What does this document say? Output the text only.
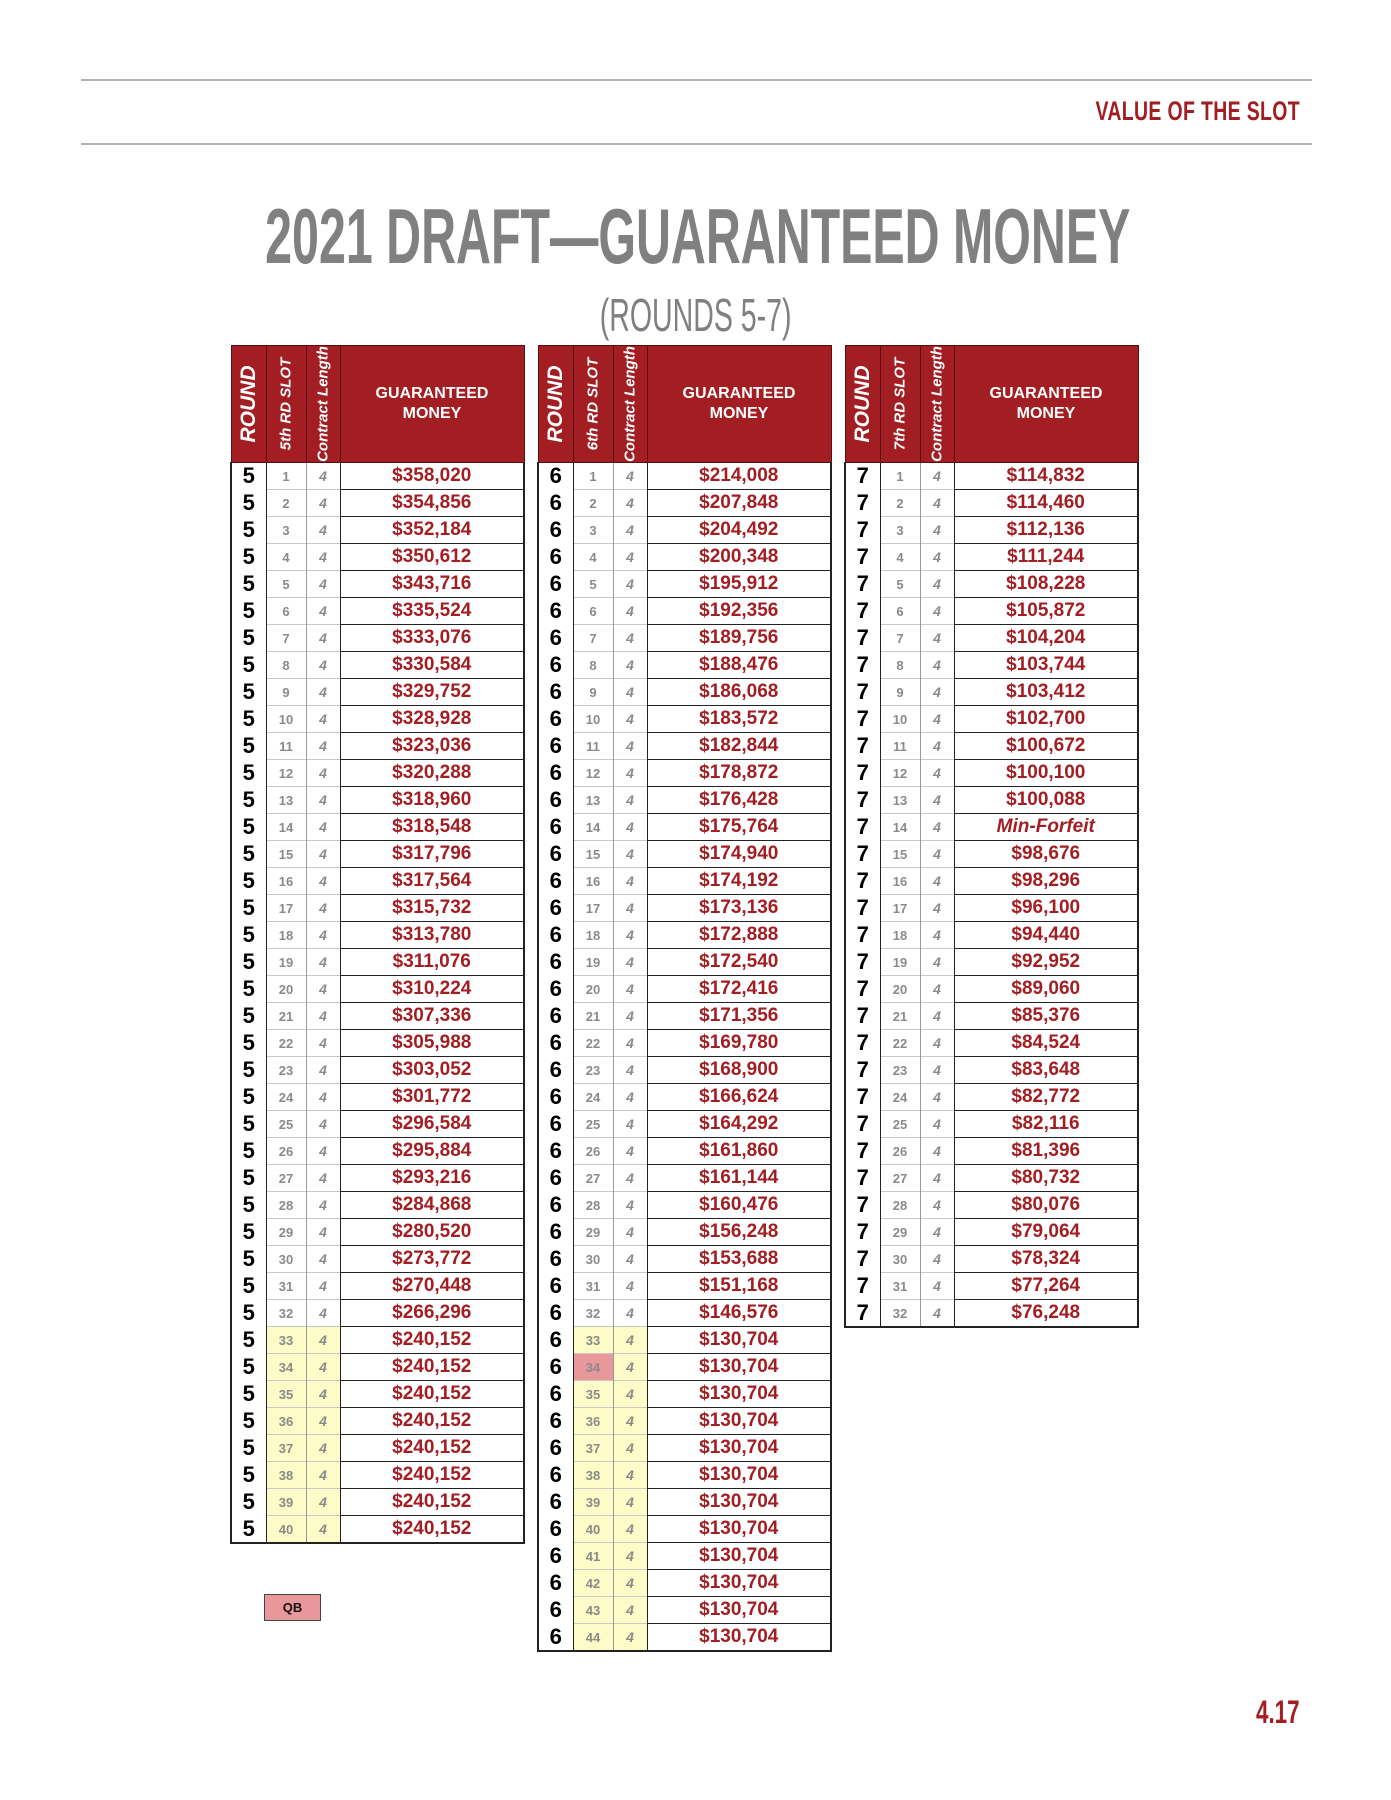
VALUE OF THE SLOT
2021 DRAFT—GUARANTEED MONEY
(ROUNDS 5-7)
ROUND	5th RD SLOT	Contract Length	GUARANTEED
MONEY
5	1	4	$358,020
5	2	4	$354,856
5	3	4	$352,184
5	4	4	$350,612
5	5	4	$343,716
5	6	4	$335,524
5	7	4	$333,076
5	8	4	$330,584
5	9	4	$329,752
5	10	4	$328,928
5	11	4	$323,036
5	12	4	$320,288
5	13	4	$318,960
5	14	4	$318,548
5	15	4	$317,796
5	16	4	$317,564
5	17	4	$315,732
5	18	4	$313,780
5	19	4	$311,076
5	20	4	$310,224
5	21	4	$307,336
5	22	4	$305,988
5	23	4	$303,052
5	24	4	$301,772
5	25	4	$296,584
5	26	4	$295,884
5	27	4	$293,216
5	28	4	$284,868
5	29	4	$280,520
5	30	4	$273,772
5	31	4	$270,448
5	32	4	$266,296
5	33	4	$240,152
5	34	4	$240,152
5	35	4	$240,152
5	36	4	$240,152
5	37	4	$240,152
5	38	4	$240,152
5	39	4	$240,152
5	40	4	$240,152
ROUND	6th RD SLOT	Contract Length	GUARANTEED
MONEY
6	1	4	$214,008
6	2	4	$207,848
6	3	4	$204,492
6	4	4	$200,348
6	5	4	$195,912
6	6	4	$192,356
6	7	4	$189,756
6	8	4	$188,476
6	9	4	$186,068
6	10	4	$183,572
6	11	4	$182,844
6	12	4	$178,872
6	13	4	$176,428
6	14	4	$175,764
6	15	4	$174,940
6	16	4	$174,192
6	17	4	$173,136
6	18	4	$172,888
6	19	4	$172,540
6	20	4	$172,416
6	21	4	$171,356
6	22	4	$169,780
6	23	4	$168,900
6	24	4	$166,624
6	25	4	$164,292
6	26	4	$161,860
6	27	4	$161,144
6	28	4	$160,476
6	29	4	$156,248
6	30	4	$153,688
6	31	4	$151,168
6	32	4	$146,576
6	33	4	$130,704
6	34	4	$130,704
6	35	4	$130,704
6	36	4	$130,704
6	37	4	$130,704
6	38	4	$130,704
6	39	4	$130,704
6	40	4	$130,704
6	41	4	$130,704
6	42	4	$130,704
6	43	4	$130,704
6	44	4	$130,704
ROUND	7th RD SLOT	Contract Length	GUARANTEED
MONEY
7	1	4	$114,832
7	2	4	$114,460
7	3	4	$112,136
7	4	4	$111,244
7	5	4	$108,228
7	6	4	$105,872
7	7	4	$104,204
7	8	4	$103,744
7	9	4	$103,412
7	10	4	$102,700
7	11	4	$100,672
7	12	4	$100,100
7	13	4	$100,088
7	14	4	Min-Forfeit
7	15	4	$98,676
7	16	4	$98,296
7	17	4	$96,100
7	18	4	$94,440
7	19	4	$92,952
7	20	4	$89,060
7	21	4	$85,376
7	22	4	$84,524
7	23	4	$83,648
7	24	4	$82,772
7	25	4	$82,116
7	26	4	$81,396
7	27	4	$80,732
7	28	4	$80,076
7	29	4	$79,064
7	30	4	$78,324
7	31	4	$77,264
7	32	4	$76,248
QB
4.17
